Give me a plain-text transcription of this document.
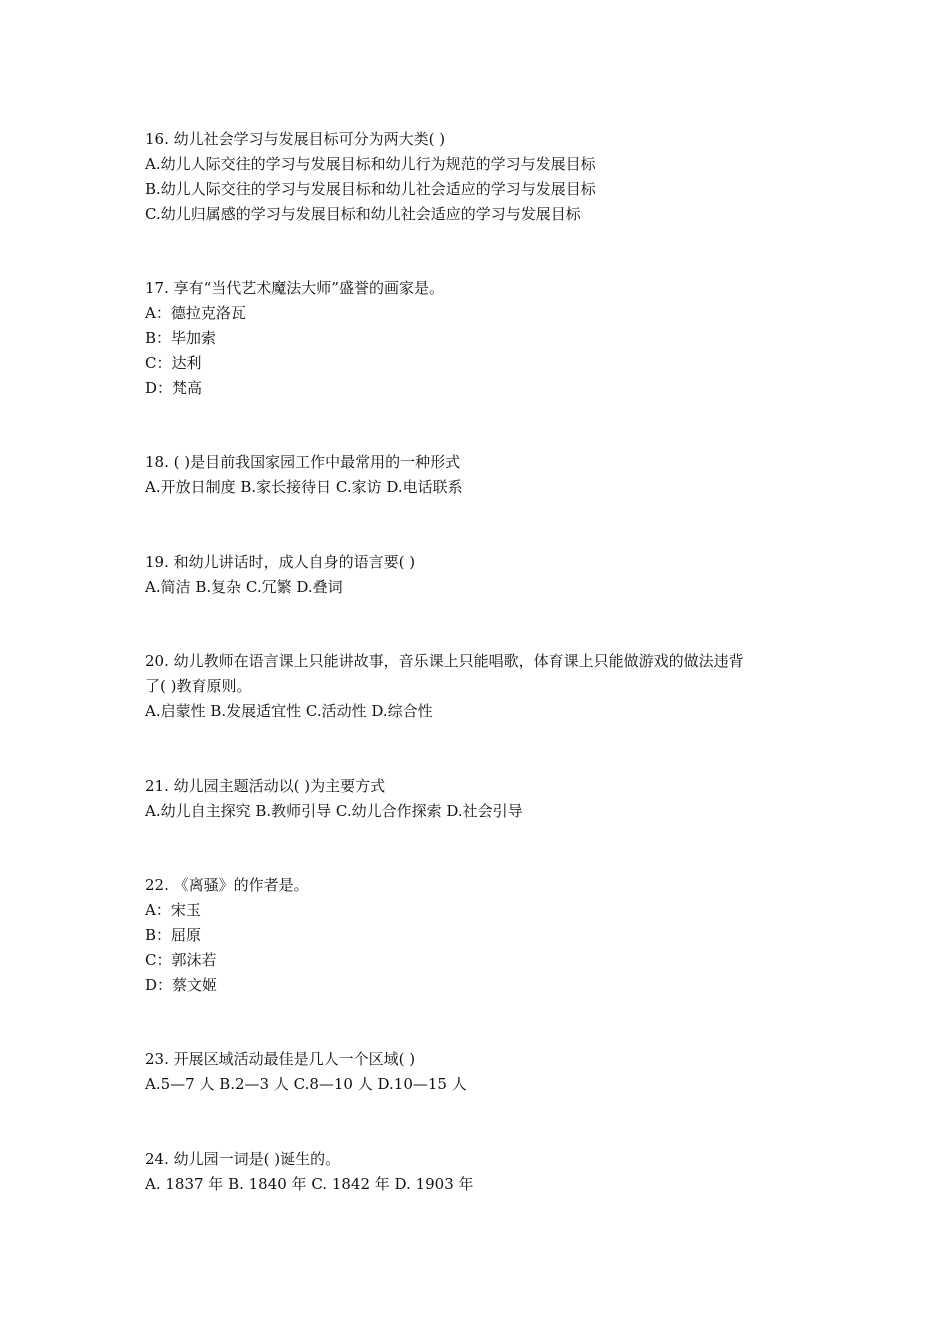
16. 幼儿社会学习与发展目标可分为两大类( )
A.幼儿人际交往的学习与发展目标和幼儿行为规范的学习与发展目标
B.幼儿人际交往的学习与发展目标和幼儿社会适应的学习与发展目标
C.幼儿归属感的学习与发展目标和幼儿社会适应的学习与发展目标
17. 享有“当代艺术魔法大师”盛誉的画家是。
A：德拉克洛瓦
B：毕加索
C：达利
D：梵高
18. ( )是目前我国家园工作中最常用的一种形式
A.开放日制度 B.家长接待日 C.家访 D.电话联系
19. 和幼儿讲话时，成人自身的语言要( )
A.简洁 B.复杂 C.冗繁 D.叠词
20. 幼儿教师在语言课上只能讲故事，音乐课上只能唱歌，体育课上只能做游戏的做法违背
了( )教育原则。
A.启蒙性 B.发展适宜性 C.活动性 D.综合性
21. 幼儿园主题活动以( )为主要方式
A.幼儿自主探究 B.教师引导 C.幼儿合作探索 D.社会引导
22. 《离骚》的作者是。
A：宋玉
B：屈原
C：郭沫若
D：蔡文姬
23. 开展区域活动最佳是几人一个区域( )
A.5—7 人 B.2—3 人 C.8—10 人 D.10—15 人
24. 幼儿园一词是( )诞生的。
A. 1837 年 B. 1840 年 C. 1842 年 D. 1903 年
